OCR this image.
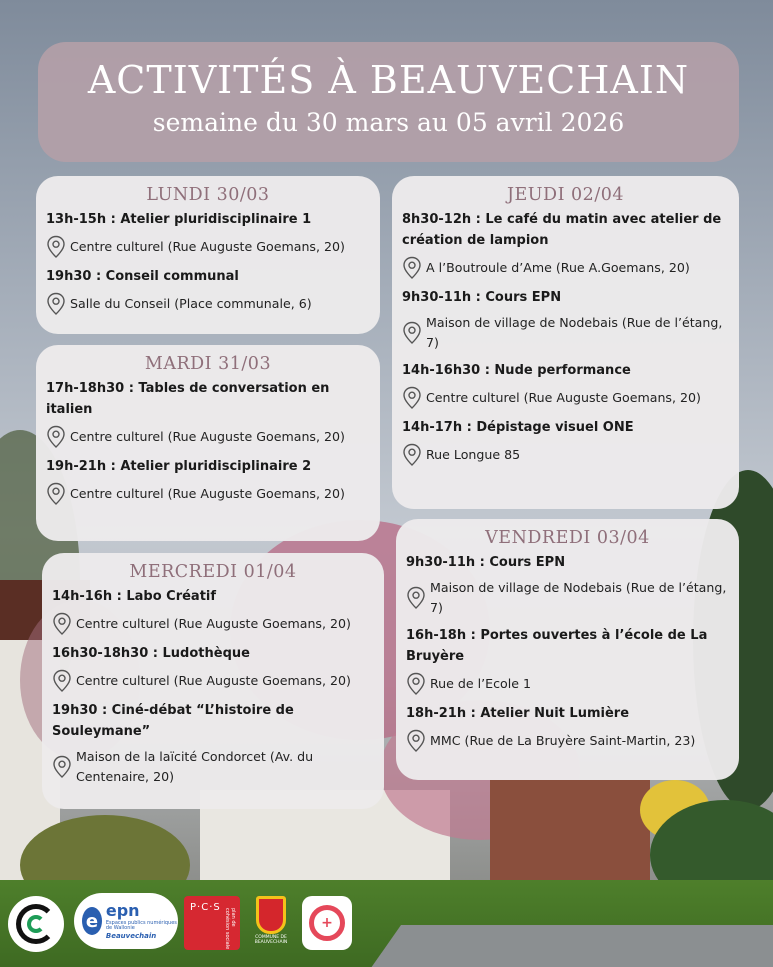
ACTIVITÉS À BEAUVECHAIN
semaine du 30 mars au 05 avril 2026
LUNDI 30/03
13h-15h : Atelier pluridisciplinaire 1
Centre culturel (Rue Auguste Goemans, 20)
19h30 : Conseil communal
Salle du Conseil (Place communale, 6)
MARDI 31/03
17h-18h30 : Tables de conversation en italien
Centre culturel (Rue Auguste Goemans, 20)
19h-21h : Atelier pluridisciplinaire 2
Centre culturel (Rue Auguste Goemans, 20)
MERCREDI 01/04
14h-16h : Labo Créatif
Centre culturel (Rue Auguste Goemans, 20)
16h30-18h30 : Ludothèque
Centre culturel (Rue Auguste Goemans, 20)
19h30 : Ciné-débat “L’histoire de Souleymane”
Maison de la laïcité Condorcet (Av. du Centenaire, 20)
JEUDI 02/04
8h30-12h : Le café du matin avec atelier de création de lampion
A l’Boutroule d’Ame (Rue A.Goemans, 20)
9h30-11h : Cours EPN
Maison de village de Nodebais (Rue de l’étang, 7)
14h-16h30 : Nude performance
Centre culturel (Rue Auguste Goemans, 20)
14h-17h : Dépistage visuel ONE
Rue Longue 85
VENDREDI 03/04
9h30-11h : Cours EPN
Maison de village de Nodebais (Rue de l’étang, 7)
16h-18h : Portes ouvertes à l’école de La Bruyère
Rue de l’Ecole 1
18h-21h : Atelier Nuit Lumière
MMC (Rue de La Bruyère Saint-Martin, 23)
e
epn
Espaces publics numériques de Wallonie
Beauvechain
P·C·S
plan de cohésion sociale	COMMUNE DE BEAUVECHAIN
+
